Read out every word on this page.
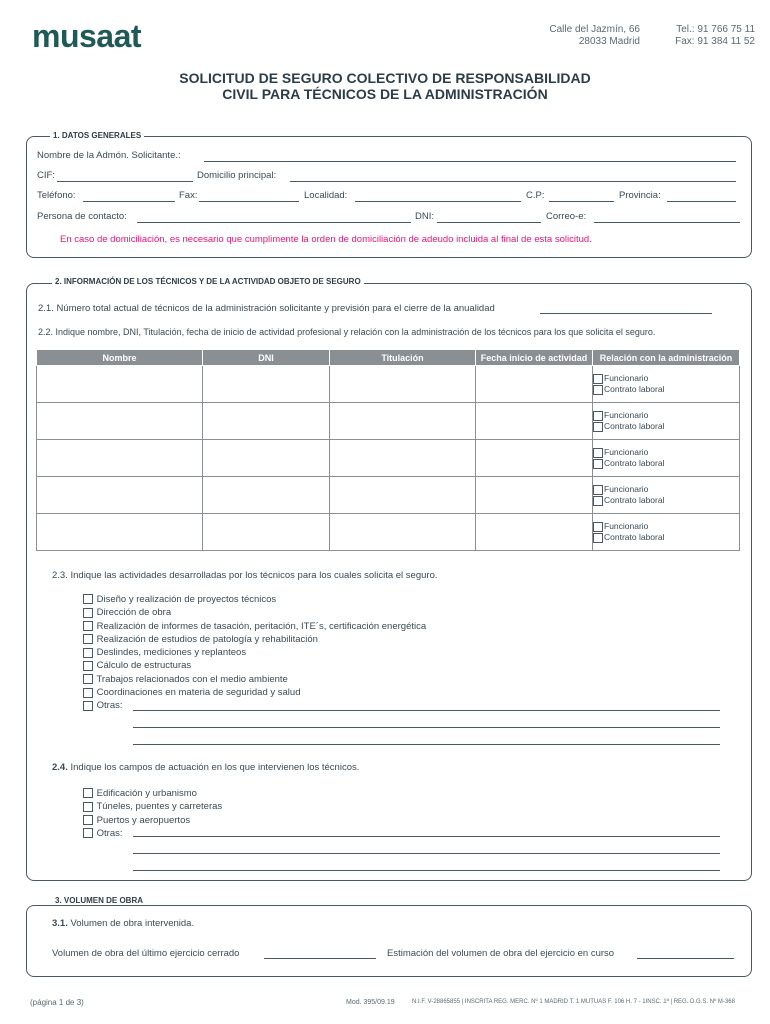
musaat	Calle del Jazmín, 66
28033 Madrid
Tel.: 91 766 75 11
Fax: 91 384 11 52
SOLICITUD DE SEGURO COLECTIVO DE RESPONSABILIDAD
CIVIL PARA TÉCNICOS DE LA ADMINISTRACIÓN
1. DATOS GENERALES
Nombre de la Admón. Solicitante.:
CIF:	Domicilio principal:
Teléfono:	Fax:	Localidad:	C.P:	Provincia:
Persona de contacto:	DNI:	Correo-e:
En caso de domiciliación, es necesario que cumplimente la orden de domiciliación de adeudo incluida al final de esta solicitud.
2. INFORMACIÓN DE LOS TÉCNICOS Y DE LA ACTIVIDAD OBJETO DE SEGURO
2.1. Número total actual de técnicos de la administración solicitante y previsión para el cierre de la anualidad
2.2. Indique nombre, DNI, Titulación, fecha de inicio de actividad profesional y relación con la administración de los técnicos para los que solicita el seguro.
Nombre	DNI	Titulación	Fecha inicio de actividad	Relación con la administración

				Funcionario
Contrato laboral

				Funcionario
Contrato laboral

				Funcionario
Contrato laboral

				Funcionario
Contrato laboral

				Funcionario
Contrato laboral
2.3. Indique las actividades desarrolladas por los técnicos para los cuales solicita el seguro.
Diseño y realización de proyectos técnicos
Dirección de obra
Realización de informes de tasación, peritación, ITE´s, certificación energética
Realización de estudios de patología y rehabilitación
Deslindes, mediciones y replanteos
Cálculo de estructuras
Trabajos relacionados con el medio ambiente
Coordinaciones en materia de seguridad y salud
Otras:
2.4. Indique los campos de actuación en los que intervienen los técnicos.
Edificación y urbanismo
Túneles, puentes y carreteras
Puertos y aeropuertos
Otras:
3. VOLUMEN DE OBRA
3.1. Volumen de obra intervenida.
Volumen de obra del último ejercicio cerrado	Estimación del volumen de obra del ejercicio en curso
(página 1 de 3)	Mod. 395/09.19	N.I.F. V-28865855 | INSCRITA REG. MERC. Nº 1 MADRID T. 1 MUTUAS F. 106 H. 7 - 1INSC. 1ª | REG. D.G.S. Nº M-368
